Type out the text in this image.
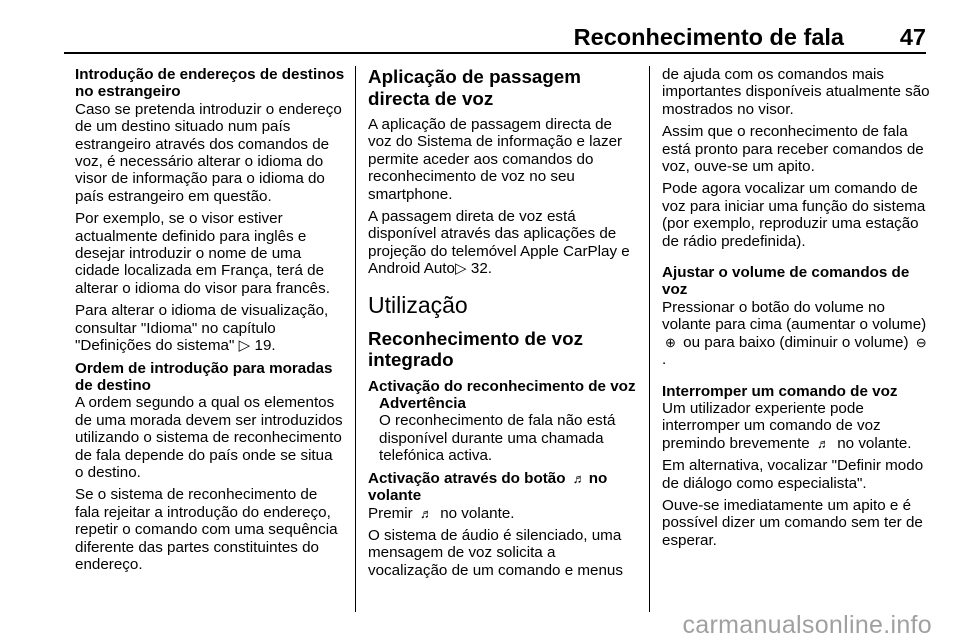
Reconhecimento de fala 47
Introdução de endereços de destinos no estrangeiro

Caso se pretenda introduzir o endereço de um destino situado num país estrangeiro através dos comandos de voz, é necessário alterar o idioma do visor de informação para o idioma do país estrangeiro em questão.

Por exemplo, se o visor estiver actualmente definido para inglês e desejar introduzir o nome de uma cidade localizada em França, terá de alterar o idioma do visor para francês.

Para alterar o idioma de visualização, consultar "Idioma" no capítulo "Definições do sistema" ▷ 19.

Ordem de introdução para moradas de destino

A ordem segundo a qual os elementos de uma morada devem ser introduzidos utilizando o sistema de reconhecimento de fala depende do país onde se situa o destino.

Se o sistema de reconhecimento de fala rejeitar a introdução do endereço, repetir o comando com uma sequência diferente das partes constituintes do endereço.

Aplicação de passagem directa de voz

A aplicação de passagem directa de voz do Sistema de informação e lazer permite aceder aos comandos do reconhecimento de voz no seu smartphone.

A passagem direta de voz está disponível através das aplicações de projeção do telemóvel Apple CarPlay e Android Auto▷ 32.

Utilização
Reconhecimento de voz integrado
Activação do reconhecimento de voz
Advertência

O reconhecimento de fala não está disponível durante uma chamada telefónica activa.

Activação através do botão ♬ no volante

Premir ♬ no volante.

O sistema de áudio é silenciado, uma mensagem de voz solicita a vocalização de um comando e menus

de ajuda com os comandos mais importantes disponíveis atualmente são mostrados no visor.

Assim que o reconhecimento de fala está pronto para receber comandos de voz, ouve-se um apito.

Pode agora vocalizar um comando de voz para iniciar uma função do sistema (por exemplo, reproduzir uma estação de rádio predefinida).

Ajustar o volume de comandos de voz

Pressionar o botão do volume no volante para cima (aumentar o volume) ⊕ ou para baixo (diminuir o volume) ⊖.

Interromper um comando de voz

Um utilizador experiente pode interromper um comando de voz premindo brevemente ♬ no volante.

Em alternativa, vocalizar "Definir modo de diálogo como especialista".

Ouve-se imediatamente um apito e é possível dizer um comando sem ter de esperar.

carmanualsonline.info
